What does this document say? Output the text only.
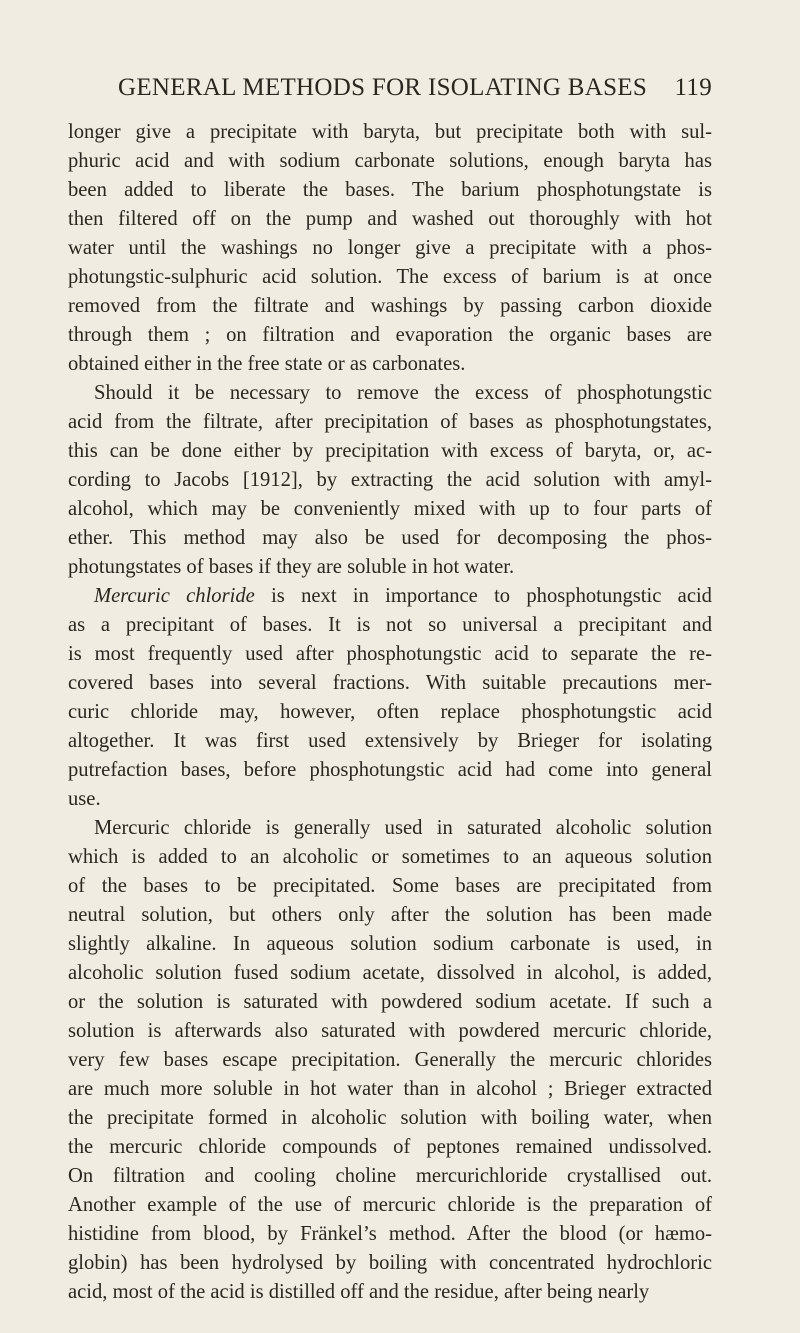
GENERAL METHODS FOR ISOLATING BASES 119
longer give a precipitate with baryta, but precipitate both with sul-
phuric acid and with sodium carbonate solutions, enough baryta has
been added to liberate the bases. The barium phosphotungstate is
then filtered off on the pump and washed out thoroughly with hot
water until the washings no longer give a precipitate with a phos-
photungstic-sulphuric acid solution. The excess of barium is at once
removed from the filtrate and washings by passing carbon dioxide
through them ; on filtration and evaporation the organic bases are
obtained either in the free state or as carbonates.
Should it be necessary to remove the excess of phosphotungstic
acid from the filtrate, after precipitation of bases as phosphotungstates,
this can be done either by precipitation with excess of baryta, or, ac-
cording to Jacobs [1912], by extracting the acid solution with amyl-
alcohol, which may be conveniently mixed with up to four parts of
ether. This method may also be used for decomposing the phos-
photungstates of bases if they are soluble in hot water.
Mercuric chloride is next in importance to phosphotungstic acid
as a precipitant of bases. It is not so universal a precipitant and
is most frequently used after phosphotungstic acid to separate the re-
covered bases into several fractions. With suitable precautions mer-
curic chloride may, however, often replace phosphotungstic acid
altogether. It was first used extensively by Brieger for isolating
putrefaction bases, before phosphotungstic acid had come into general
use.
Mercuric chloride is generally used in saturated alcoholic solution
which is added to an alcoholic or sometimes to an aqueous solution
of the bases to be precipitated. Some bases are precipitated from
neutral solution, but others only after the solution has been made
slightly alkaline. In aqueous solution sodium carbonate is used, in
alcoholic solution fused sodium acetate, dissolved in alcohol, is added,
or the solution is saturated with powdered sodium acetate. If such a
solution is afterwards also saturated with powdered mercuric chloride,
very few bases escape precipitation. Generally the mercuric chlorides
are much more soluble in hot water than in alcohol ; Brieger extracted
the precipitate formed in alcoholic solution with boiling water, when
the mercuric chloride compounds of peptones remained undissolved.
On filtration and cooling choline mercurichloride crystallised out.
Another example of the use of mercuric chloride is the preparation of
histidine from blood, by Fränkel’s method. After the blood (or hæmo-
globin) has been hydrolysed by boiling with concentrated hydrochloric
acid, most of the acid is distilled off and the residue, after being nearly
